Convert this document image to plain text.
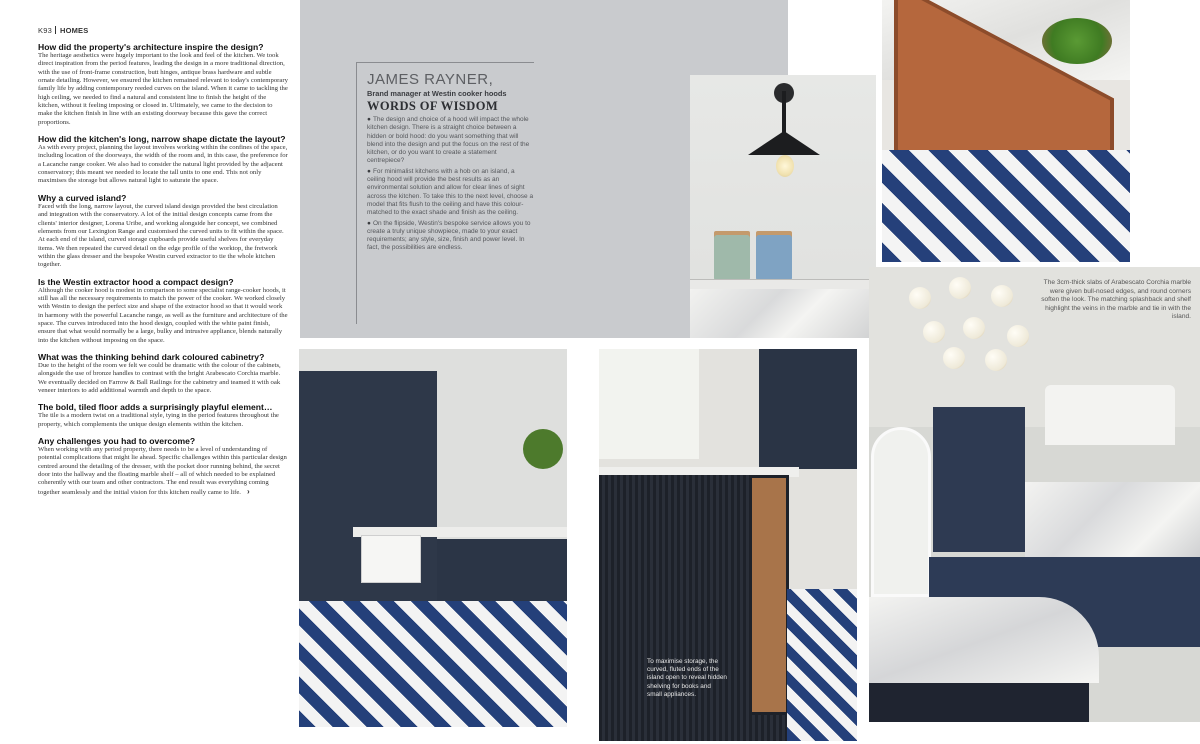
K93 HOMES
How did the property's architecture inspire the design?

The heritage aesthetics were hugely important to the look and feel of the kitchen. We took direct inspiration from the period features, leading the design in a more traditional direction, with the use of front-frame construction, butt hinges, antique brass hardware and subtle ornate detailing. However, we ensured the kitchen remained relevant to today's contemporary family life by adding contemporary reeded curves on the island. When it came to tackling the high ceiling, we needed to find a natural and consistent line to finish the height of the kitchen, without it feeling imposing or closed in. Ultimately, we came to the decision to make the kitchen finish in line with an existing doorway because this gave the correct proportions.

How did the kitchen's long, narrow shape dictate the layout?

As with every project, planning the layout involves working within the confines of the space, including location of the doorways, the width of the room and, in this case, the preference for a Lacanche range cooker. We also had to consider the natural light provided by the adjacent conservatory; this meant we needed to locate the tall units to one end. This not only maximises the storage but allows natural light to saturate the space.

Why a curved island?

Faced with the long, narrow layout, the curved island design provided the best circulation and integration with the conservatory. A lot of the initial design concepts came from the clients' interior designer, Lorena Uribe, and working alongside her concept, we combined elements from our Lexington Range and customised the curved units to fit within the space. At each end of the island, curved storage cupboards provide useful shelves for everyday items. We then repeated the curved detail on the edge profile of the worktop, the fretwork within the glass dresser and the bespoke Westin curved extractor to tie the whole kitchen together.

Is the Westin extractor hood a compact design?

Although the cooker hood is modest in comparison to some specialist range-cooker hoods, it still has all the necessary requirements to match the power of the cooker. We worked closely with Westin to design the perfect size and shape of the extractor hood so that it would work in harmony with the powerful Lacanche range, as well as the furniture and architecture of the space. The curves introduced into the hood design, coupled with the white paint finish, ensure that what would normally be a large, bulky and intrusive appliance, blends naturally into the kitchen without imposing on the space.

What was the thinking behind dark coloured cabinetry?

Due to the height of the room we felt we could be dramatic with the colour of the cabinets, alongside the use of bronze handles to contrast with the bright Arabescato Corchia marble. We eventually decided on Farrow & Ball Railings for the cabinetry and teamed it with oak veneer interiors to add additional warmth and depth to the space.

The bold, tiled floor adds a surprisingly playful element…

The tile is a modern twist on a traditional style, tying in the period features throughout the property, which complements the unique design elements within the kitchen.

Any challenges you had to overcome?

When working with any period property, there needs to be a level of understanding of potential complications that might lie ahead. Specific challenges within this particular design centred around the detailing of the dresser, with the pocket door running behind, the secret door into the hallway and the floating marble shelf – all of which needed to be explained coherently with our team and other contractors. The end result was everything coming together seamlessly and the initial vision for this kitchen really came to life. ›

JAMES RAYNER,
Brand manager at Westin cooker hoods
WORDS OF WISDOM

● The design and choice of a hood will impact the whole kitchen design. There is a straight choice between a hidden or bold hood: do you want something that will blend into the design and put the focus on the rest of the kitchen, or do you want to create a statement centrepiece?

● For minimalist kitchens with a hob on an island, a ceiling hood will provide the best results as an environmental solution and allow for clear lines of sight across the kitchen. To take this to the next level, choose a model that fits flush to the ceiling and have this colour-matched to the exact shade and finish as the ceiling.

● On the flipside, Westin's bespoke service allows you to create a truly unique showpiece, made to your exact requirements; any style, size, finish and power level. In fact, the possibilities are endless.

To maximise storage, the curved, fluted ends of the island open to reveal hidden shelving for books and small appliances.
The 3cm-thick slabs of Arabescato Corchia marble were given bull-nosed edges, and round corners soften the look. The matching splashback and shelf highlight the veins in the marble and tie in with the island.
